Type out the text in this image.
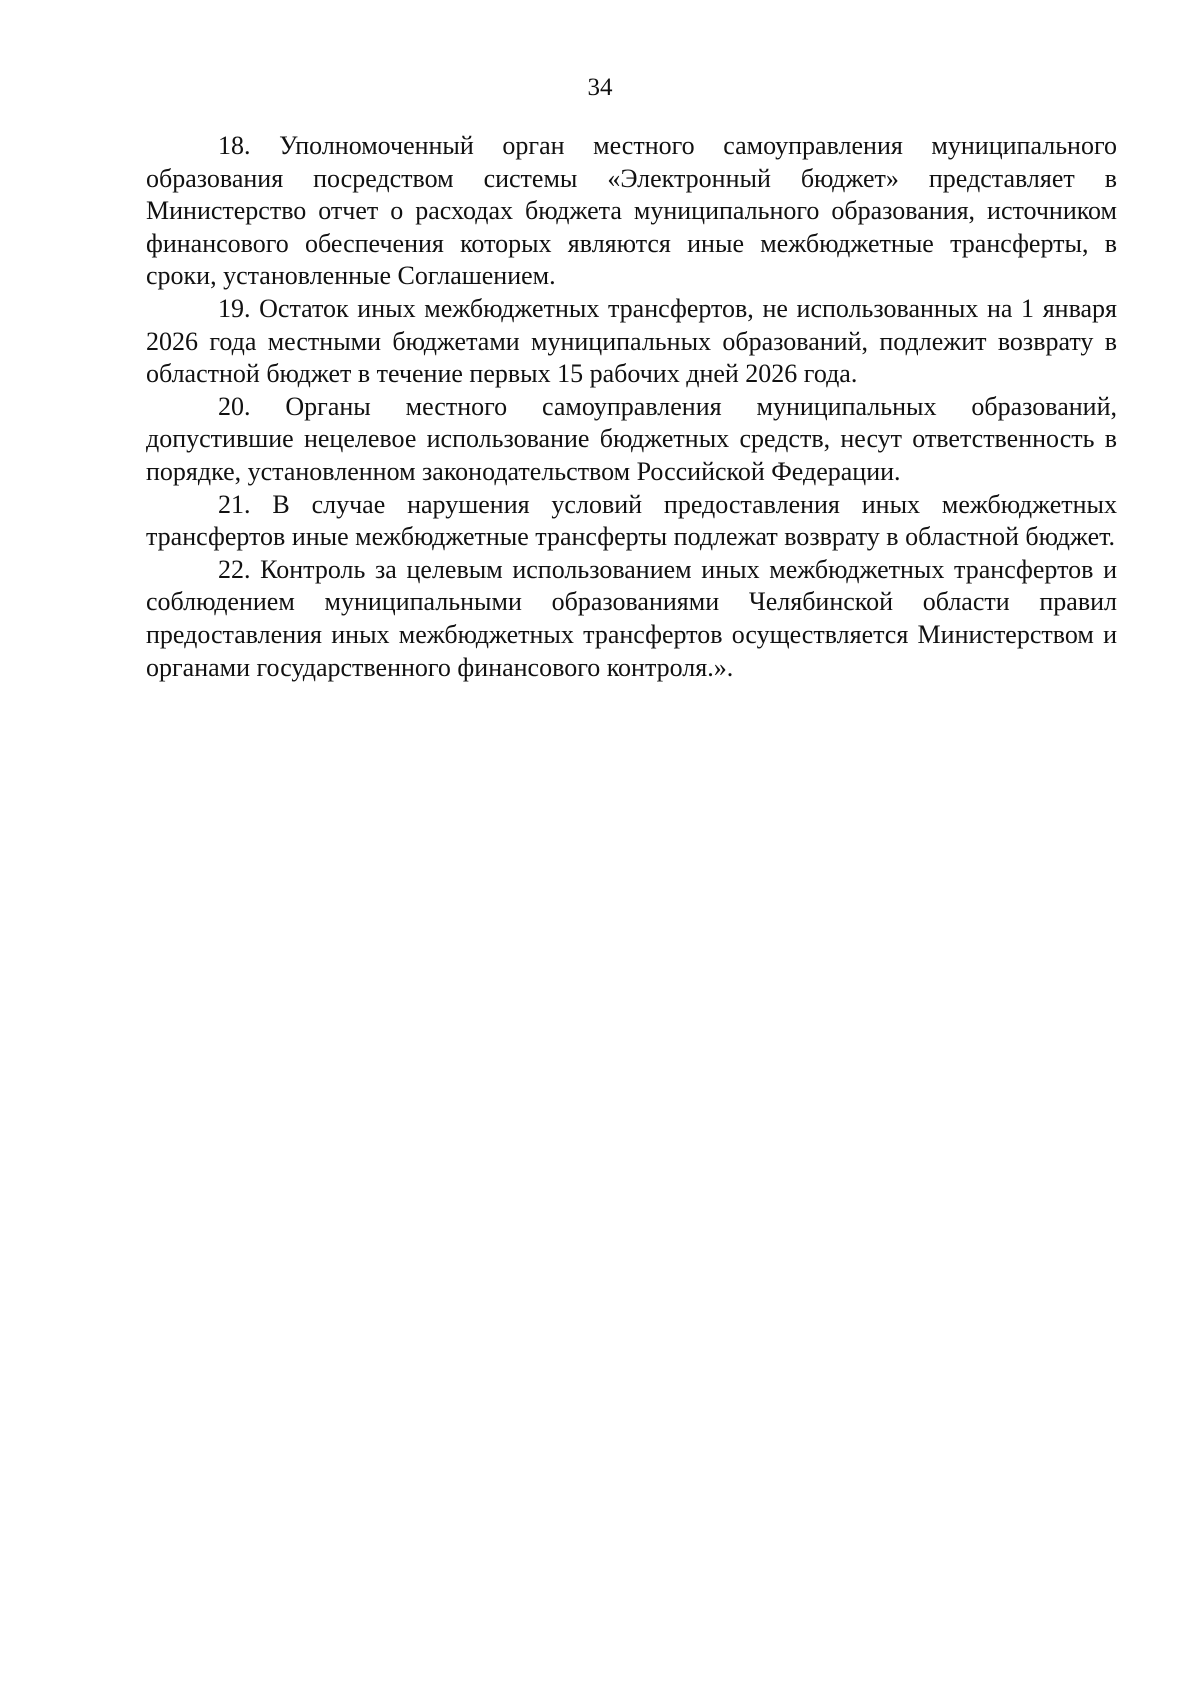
34

18. Уполномоченный орган местного самоуправления муниципального образования посредством системы «Электронный бюджет» представляет в Министерство отчет о расходах бюджета муниципального образования, источником финансового обеспечения которых являются иные межбюджетные трансферты, в сроки, установленные Соглашением.

19. Остаток иных межбюджетных трансфертов, не использованных на 1 января 2026 года местными бюджетами муниципальных образований, подлежит возврату в областной бюджет в течение первых 15 рабочих дней 2026 года.

20. Органы местного самоуправления муниципальных образований, допустившие нецелевое использование бюджетных средств, несут ответственность в порядке, установленном законодательством Российской Федерации.

21. В случае нарушения условий предоставления иных межбюджетных трансфертов иные межбюджетные трансферты подлежат возврату в областной бюджет.

22. Контроль за целевым использованием иных межбюджетных трансфертов и соблюдением муниципальными образованиями Челябинской области правил предоставления иных межбюджетных трансфертов осуществляется Министерством и органами государственного финансового контроля.».
